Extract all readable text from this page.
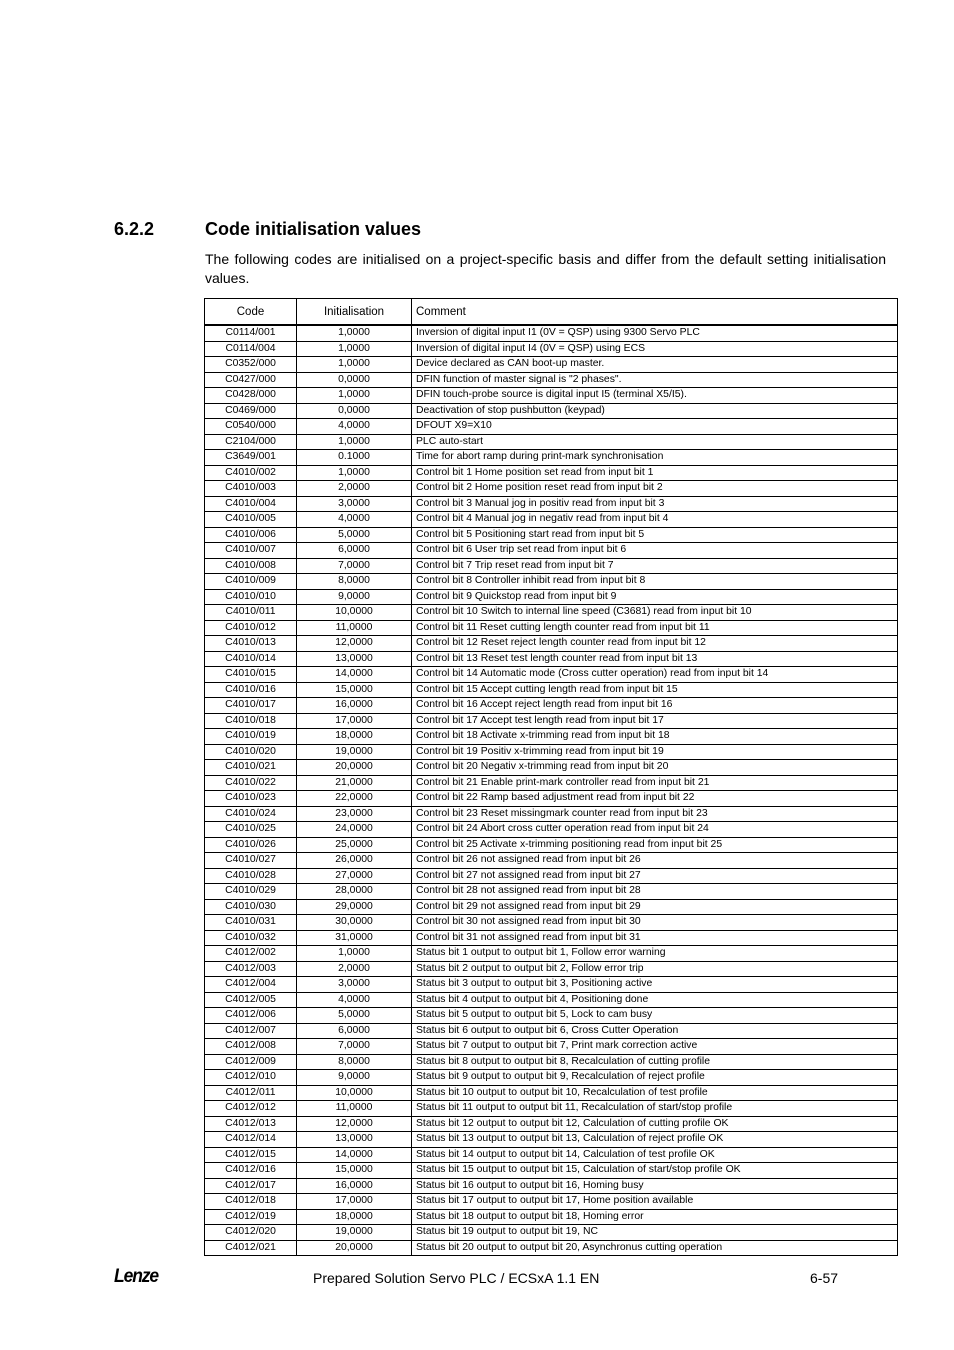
6.2.2	Code initialisation values
The following codes are initialised on a project-specific basis and differ from the default setting initialisation values.
Code	Initialisation	Comment
C0114/001	1,0000	Inversion of digital input I1 (0V = QSP) using 9300 Servo PLC
C0114/004	1,0000	Inversion of digital input I4 (0V = QSP) using ECS
C0352/000	1,0000	Device declared as CAN boot-up master.
C0427/000	0,0000	DFIN function of master signal is "2 phases".
C0428/000	1,0000	DFIN touch-probe source is digital input I5 (terminal X5/I5).
C0469/000	0,0000	Deactivation of stop pushbutton (keypad)
C0540/000	4,0000	DFOUT X9=X10
C2104/000	1,0000	PLC auto-start
C3649/001	0.1000	Time for abort ramp during print-mark synchronisation
C4010/002	1,0000	Control bit 1 Home position set read from input bit 1
C4010/003	2,0000	Control bit 2 Home position reset read from input bit 2
C4010/004	3,0000	Control bit 3 Manual jog in positiv read from input bit 3
C4010/005	4,0000	Control bit 4 Manual jog in negativ read from input bit 4
C4010/006	5,0000	Control bit 5 Positioning start read from input bit 5
C4010/007	6,0000	Control bit 6 User trip set read from input bit 6
C4010/008	7,0000	Control bit 7 Trip reset read from input bit 7
C4010/009	8,0000	Control bit 8 Controller inhibit read from input bit 8
C4010/010	9,0000	Control bit 9 Quickstop read from input bit 9
C4010/011	10,0000	Control bit 10 Switch to internal line speed (C3681) read from input bit 10
C4010/012	11,0000	Control bit 11 Reset cutting length counter read from input bit 11
C4010/013	12,0000	Control bit 12 Reset reject length counter read from input bit 12
C4010/014	13,0000	Control bit 13 Reset test length counter read from input bit 13
C4010/015	14,0000	Control bit 14 Automatic mode (Cross cutter operation) read from input bit 14
C4010/016	15,0000	Control bit 15 Accept cutting length read from input bit 15
C4010/017	16,0000	Control bit 16 Accept reject length read from input bit 16
C4010/018	17,0000	Control bit 17 Accept test length read from input bit 17
C4010/019	18,0000	Control bit 18 Activate x-trimming read from input bit 18
C4010/020	19,0000	Control bit 19 Positiv x-trimming read from input bit 19
C4010/021	20,0000	Control bit 20 Negativ x-trimming read from input bit 20
C4010/022	21,0000	Control bit 21 Enable print-mark controller read from input bit 21
C4010/023	22,0000	Control bit 22 Ramp based adjustment read from input bit 22
C4010/024	23,0000	Control bit 23 Reset missingmark counter read from input bit 23
C4010/025	24,0000	Control bit 24 Abort cross cutter operation read from input bit 24
C4010/026	25,0000	Control bit 25 Activate x-trimming positioning read from input bit 25
C4010/027	26,0000	Control bit 26 not assigned read from input bit 26
C4010/028	27,0000	Control bit 27 not assigned read from input bit 27
C4010/029	28,0000	Control bit 28 not assigned read from input bit 28
C4010/030	29,0000	Control bit 29 not assigned read from input bit 29
C4010/031	30,0000	Control bit 30 not assigned read from input bit 30
C4010/032	31,0000	Control bit 31 not assigned read from input bit 31
C4012/002	1,0000	Status bit 1 output to output bit 1, Follow error warning
C4012/003	2,0000	Status bit 2 output to output bit 2, Follow error trip
C4012/004	3,0000	Status bit 3 output to output bit 3, Positioning active
C4012/005	4,0000	Status bit 4 output to output bit 4, Positioning done
C4012/006	5,0000	Status bit 5 output to output bit 5, Lock to cam busy
C4012/007	6,0000	Status bit 6 output to output bit 6, Cross Cutter Operation
C4012/008	7,0000	Status bit 7 output to output bit 7, Print mark correction active
C4012/009	8,0000	Status bit 8 output to output bit 8, Recalculation of cutting profile
C4012/010	9,0000	Status bit 9 output to output bit 9, Recalculation of reject profile
C4012/011	10,0000	Status bit 10 output to output bit 10, Recalculation of test profile
C4012/012	11,0000	Status bit 11 output to output bit 11, Recalculation of start/stop profile
C4012/013	12,0000	Status bit 12 output to output bit 12, Calculation of cutting profile OK
C4012/014	13,0000	Status bit 13 output to output bit 13, Calculation of reject profile OK
C4012/015	14,0000	Status bit 14 output to output bit 14, Calculation of test profile OK
C4012/016	15,0000	Status bit 15 output to output bit 15, Calculation of start/stop profile OK
C4012/017	16,0000	Status bit 16 output to output bit 16, Homing busy
C4012/018	17,0000	Status bit 17 output to output bit 17, Home position available
C4012/019	18,0000	Status bit 18 output to output bit 18, Homing error
C4012/020	19,0000	Status bit 19 output to output bit 19, NC
C4012/021	20,0000	Status bit 20 output to output bit 20, Asynchronus cutting operation
Lenze	Prepared Solution Servo PLC / ECSxA 1.1 EN	6-57
